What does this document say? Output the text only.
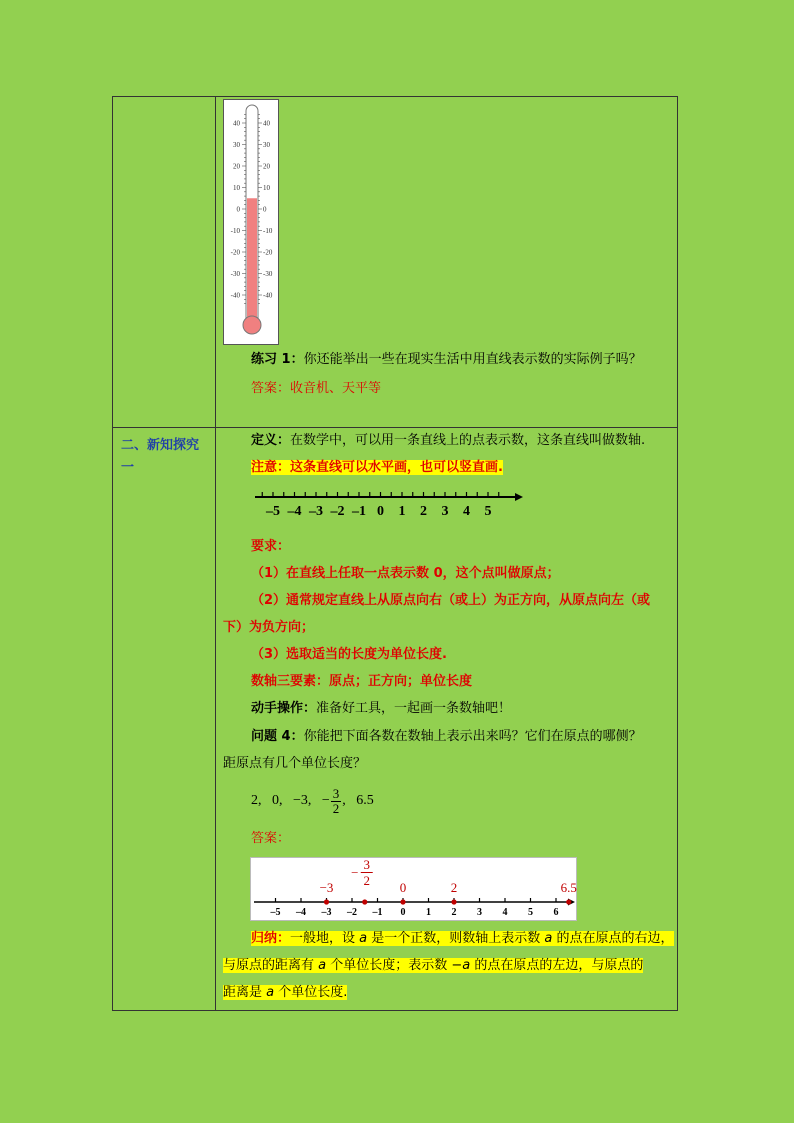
二、新知探究
一
40
30
20
10
0
-10
-20
-30
-40
40
30
20
10
0
-10
-20
-30
-40
练习 1：你还能举出一些在现实生活中用直线表示数的实际例子吗？
答案：收音机、天平等
定义：在数学中，可以用一条直线上的点表示数，这条直线叫做数轴.
注意：这条直线可以水平画，也可以竖直画.
–5 –4 –3 –2 –1 0 1 2 3 4 5
要求：
（1）在直线上任取一点表示数 0，这个点叫做原点；
（2）通常规定直线上从原点向右（或上）为正方向，从原点向左（或
下）为负方向；
（3）选取适当的长度为单位长度.
数轴三要素：原点；正方向；单位长度
动手操作：准备好工具，一起画一条数轴吧！
问题 4：你能把下面各数在数轴上表示出来吗？它们在原点的哪侧？
距原点有几个单位长度？
2,   0,   −3,   − $\frac{3}{2}$ ,   6.5
答案：
–5 –4 –3 –2 –1 0 1 2 3 4 5 6
−3
−
3
2 0	2	6.5
归纳：一般地，设 a 是一个正数，则数轴上表示数 a 的点在原点的右边，
与原点的距离有 a 个单位长度；表示数 −a 的点在原点的左边，与原点的
距离是 a 个单位长度.
